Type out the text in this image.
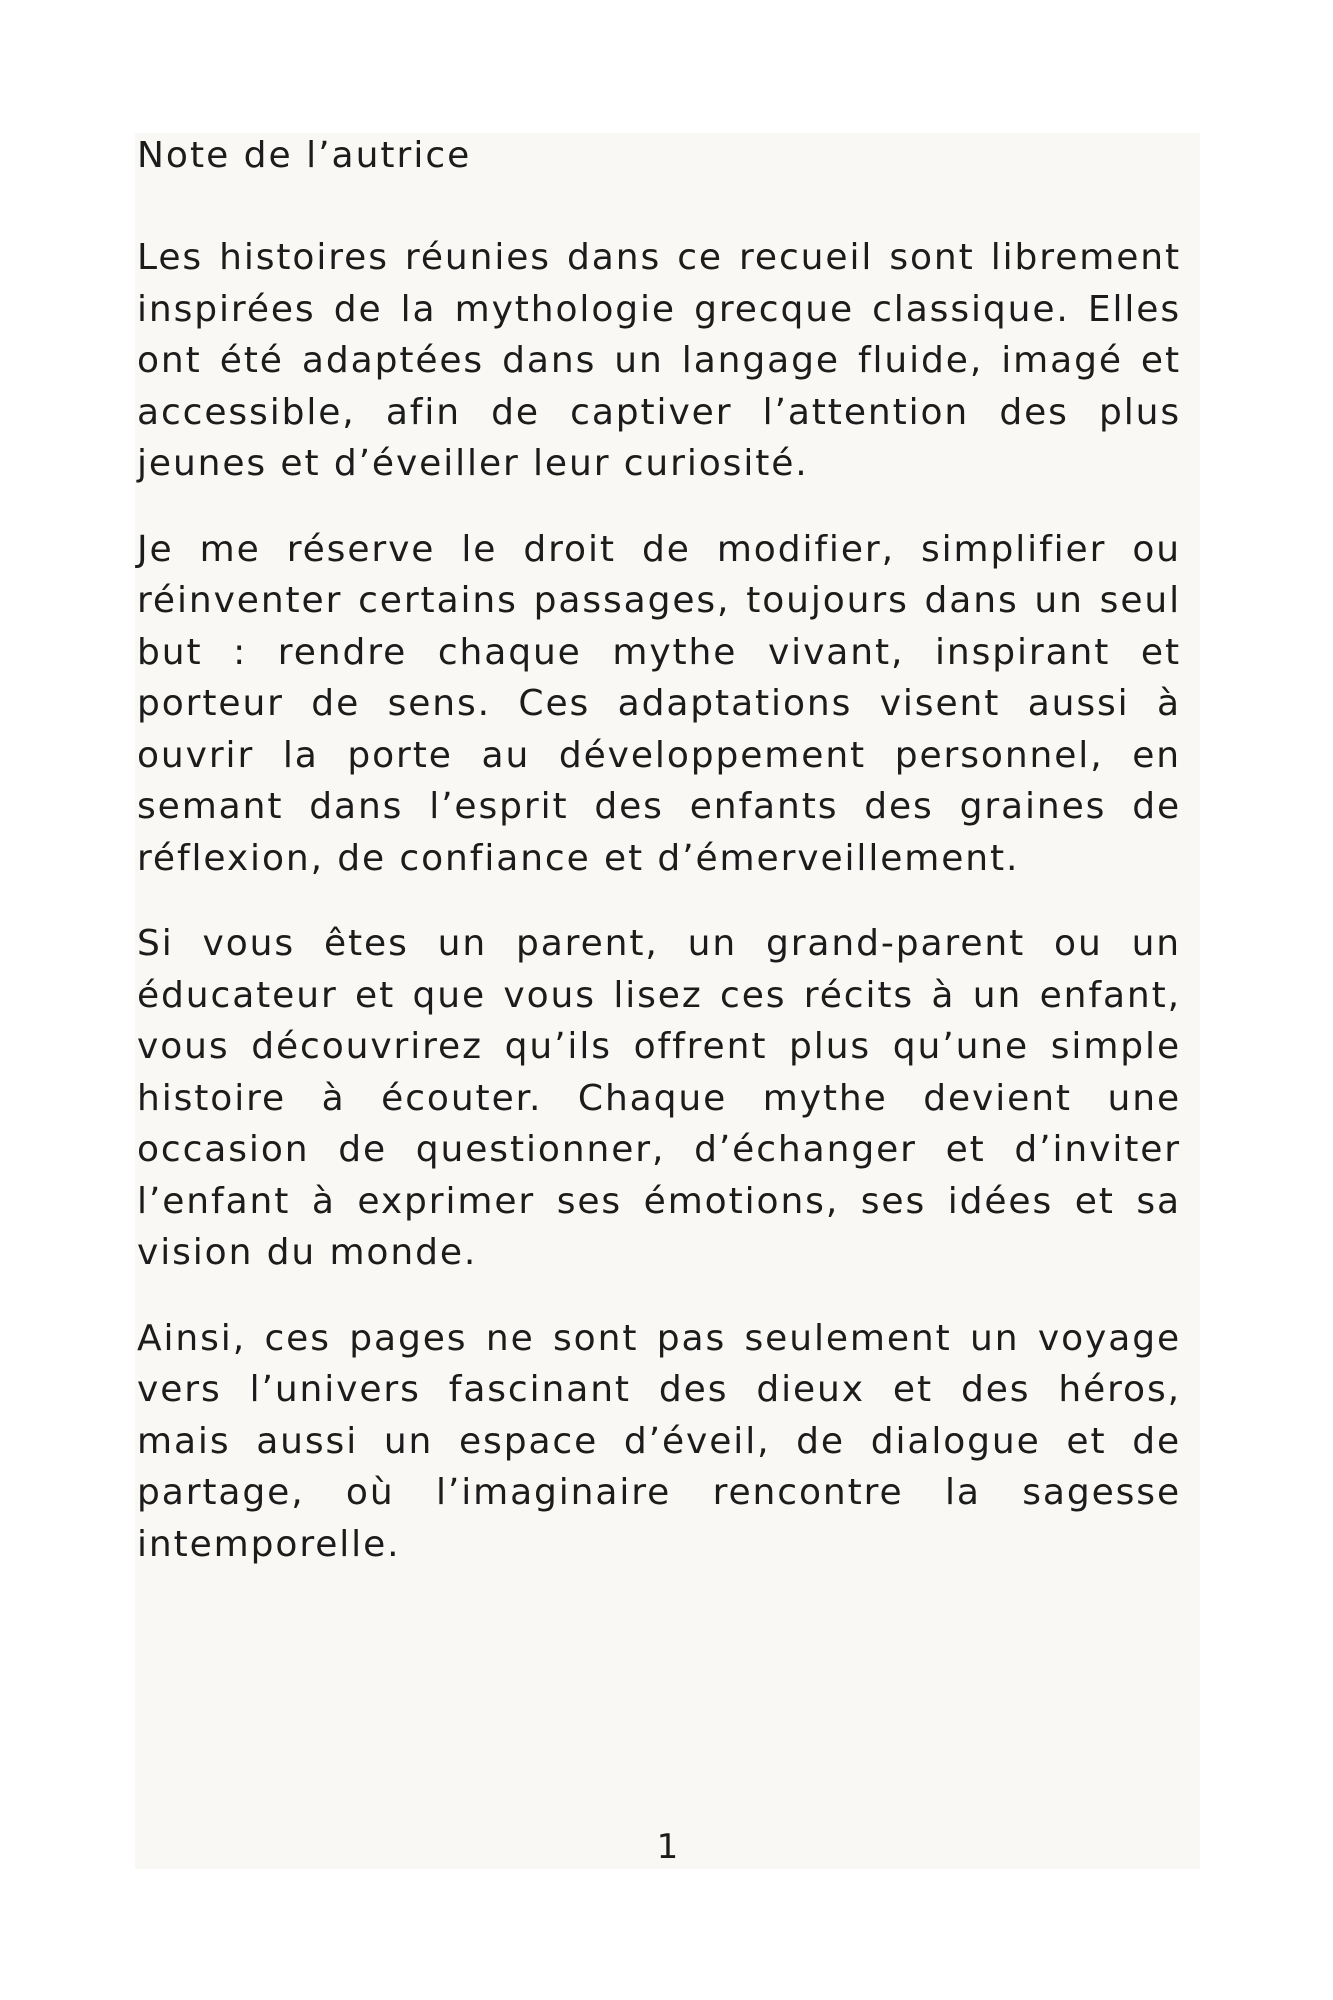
Note de l’autrice

Les histoires réunies dans ce recueil sont librement inspirées de la mythologie grecque classique. Elles ont été adaptées dans un langage fluide, imagé et accessible, afin de captiver l’attention des plus jeunes et d’éveiller leur curiosité.

Je me réserve le droit de modifier, simplifier ou réinventer certains passages, toujours dans un seul but : rendre chaque mythe vivant, inspirant et porteur de sens. Ces adaptations visent aussi à ouvrir la porte au développement personnel, en semant dans l’esprit des enfants des graines de réflexion, de confiance et d’émerveillement.

Si vous êtes un parent, un grand-parent ou un éducateur et que vous lisez ces récits à un enfant, vous découvrirez qu’ils offrent plus qu’une simple histoire à écouter. Chaque mythe devient une occasion de questionner, d’échanger et d’inviter l’enfant à exprimer ses émotions, ses idées et sa vision du monde.

Ainsi, ces pages ne sont pas seulement un voyage vers l’univers fascinant des dieux et des héros, mais aussi un espace d’éveil, de dialogue et de partage, où l’imaginaire rencontre la sagesse intemporelle.

1
